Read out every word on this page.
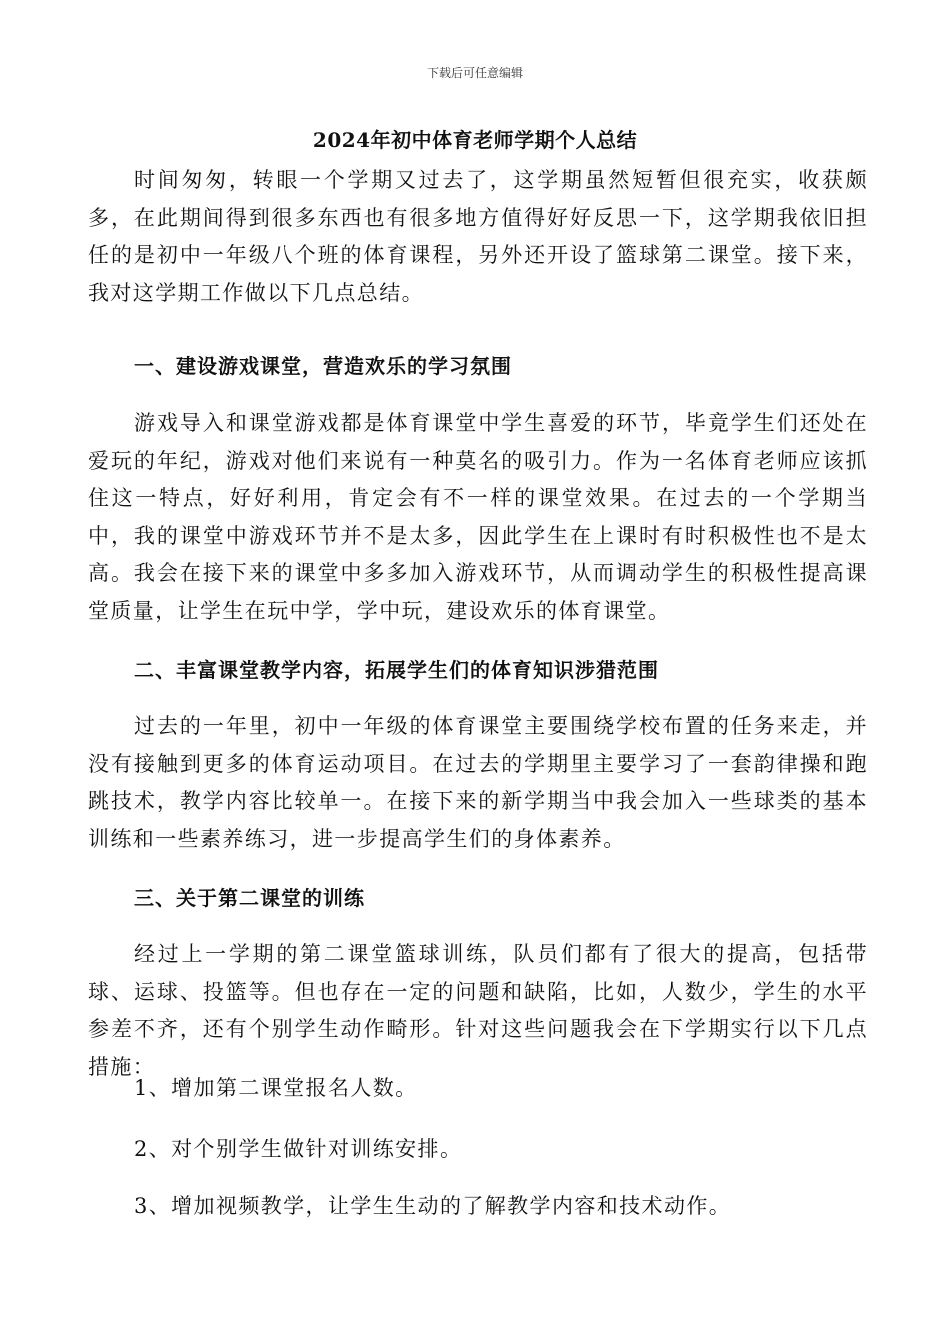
下载后可任意编辑
2024年初中体育老师学期个人总结

时间匆匆，转眼一个学期又过去了，这学期虽然短暂但很充实，收获颇多，在此期间得到很多东西也有很多地方值得好好反思一下，这学期我依旧担任的是初中一年级八个班的体育课程，另外还开设了篮球第二课堂。接下来，我对这学期工作做以下几点总结。

一、建设游戏课堂，营造欢乐的学习氛围

游戏导入和课堂游戏都是体育课堂中学生喜爱的环节，毕竟学生们还处在爱玩的年纪，游戏对他们来说有一种莫名的吸引力。作为一名体育老师应该抓住这一特点，好好利用，肯定会有不一样的课堂效果。在过去的一个学期当中，我的课堂中游戏环节并不是太多，因此学生在上课时有时积极性也不是太高。我会在接下来的课堂中多多加入游戏环节，从而调动学生的积极性提高课堂质量，让学生在玩中学，学中玩，建设欢乐的体育课堂。

二、丰富课堂教学内容，拓展学生们的体育知识涉猎范围

过去的一年里，初中一年级的体育课堂主要围绕学校布置的任务来走，并没有接触到更多的体育运动项目。在过去的学期里主要学习了一套韵律操和跑跳技术，教学内容比较单一。在接下来的新学期当中我会加入一些球类的基本训练和一些素养练习，进一步提高学生们的身体素养。

三、关于第二课堂的训练

经过上一学期的第二课堂篮球训练，队员们都有了很大的提高，包括带球、运球、投篮等。但也存在一定的问题和缺陷，比如，人数少，学生的水平参差不齐，还有个别学生动作畸形。针对这些问题我会在下学期实行以下几点措施：

1、增加第二课堂报名人数。
2、对个别学生做针对训练安排。
3、增加视频教学，让学生生动的了解教学内容和技术动作。
